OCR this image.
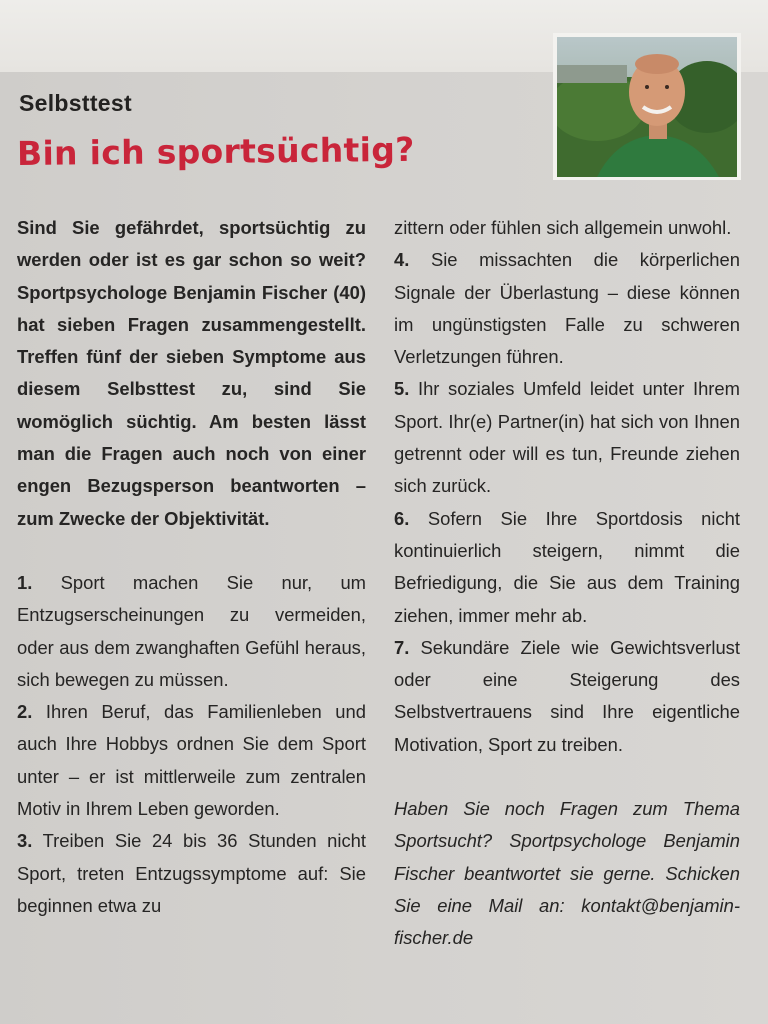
Selbsttest
Bin ich sportsüchtig?

Sind Sie gefährdet, sportsüchtig zu werden oder ist es gar schon so weit? Sportpsychologe Benjamin Fischer (40) hat sieben Fragen zusammengestellt. Treffen fünf der sieben Symptome aus diesem Selbsttest zu, sind Sie womöglich süchtig. Am besten lässt man die Fragen auch noch von einer engen Bezugsperson beantworten – zum Zwecke der Objektivität.

1. Sport machen Sie nur, um Entzugserscheinungen zu vermeiden, oder aus dem zwanghaften Gefühl heraus, sich bewegen zu müssen.

2. Ihren Beruf, das Familienleben und auch Ihre Hobbys ordnen Sie dem Sport unter – er ist mittlerweile zum zentralen Motiv in Ihrem Leben geworden.

3. Treiben Sie 24 bis 36 Stunden nicht Sport, treten Entzugssymptome auf: Sie beginnen etwa zu

zittern oder fühlen sich allgemein unwohl.

4. Sie missachten die körperlichen Signale der Überlastung – diese können im ungünstigsten Falle zu schweren Verletzungen führen.

5. Ihr soziales Umfeld leidet unter Ihrem Sport. Ihr(e) Partner(in) hat sich von Ihnen getrennt oder will es tun, Freunde ziehen sich zurück.

6. Sofern Sie Ihre Sportdosis nicht kontinuierlich steigern, nimmt die Befriedigung, die Sie aus dem Training ziehen, immer mehr ab.

7. Sekundäre Ziele wie Gewichtsverlust oder eine Steigerung des Selbstvertrauens sind Ihre eigentliche Motivation, Sport zu treiben.

Haben Sie noch Fragen zum Thema Sportsucht? Sportpsychologe Benjamin Fischer beantwortet sie gerne. Schicken Sie eine Mail an: kontakt@benjamin-fischer.de
